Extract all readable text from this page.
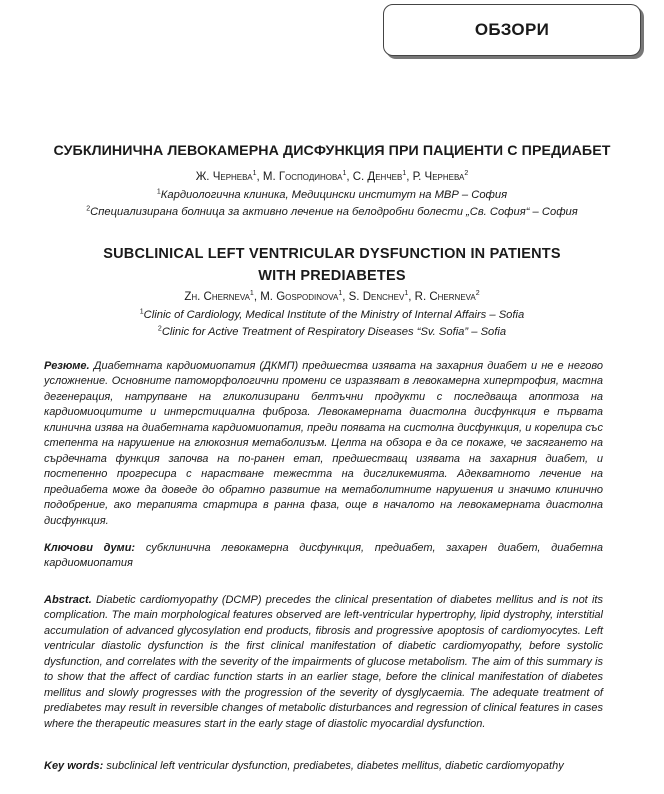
ОБЗОРИ
СУБКЛИНИЧНА ЛЕВОКАМЕРНА ДИСФУНКЦИЯ ПРИ ПАЦИЕНТИ С ПРЕДИАБЕТ
Ж. Чернева$^1$, М. Господинова$^1$, С. Денчев$^1$, Р. Чернева$^2$
$^1$Кардиологична клиника, Медицински институт на МВР – София
$^2$Специализирана болница за активно лечение на белодробни болести „Св. София“ – София
SUBCLINICAL LEFT VENTRICULAR DYSFUNCTION IN PATIENTS
WITH PREDIABETES
Zh. Cherneva$^1$, M. Gospodinova$^1$, S. Denchev$^1$, R. Cherneva$^2$
$^1$Clinic of Cardiology, Medical Institute of the Ministry of Internal Affairs – Sofia
$^2$Clinic for Active Treatment of Respiratory Diseases “Sv. Sofia” – Sofia

Резюме. Диабетната кардиомиопатия (ДКМП) предшества изявата на захарния диабет и не е негово усложнение. Основните патоморфологични промени се изразяват в левокамерна хипертрофия, мастна дегенерация, натрупване на гликолизирани белтъчни продукти с последваща апоптоза на кардиомиоцитите и интерстициална фиброза. Левокамерната диастолна дисфункция е първата клинична изява на диабетната кардиомиопатия, преди появата на систолна дисфункция, и корелира със степента на нарушение на глюкозния метаболизъм. Целта на обзора е да се покаже, че засягането на сърдечната функция започва на по-ранен етап, предшестващ изявата на захарния диабет, и постепенно прогресира с нарастване тежестта на дисгликемията. Адекватното лечение на предиабета може да доведе до обратно развитие на метаболитните нарушения и значимо клинично подобрение, ако терапията стартира в ранна фаза, още в началото на левокамерната диастолна дисфункция.

Ключови думи: субклинична левокамерна дисфункция, предиабет, захарен диабет, диабетна кардиомиопатия

Abstract. Diabetic cardiomyopathy (DCMP) precedes the clinical presentation of diabetes mellitus and is not its complication. The main morphological features observed are left-ventricular hypertrophy, lipid dystrophy, interstitial accumulation of advanced glycosylation end products, fibrosis and progressive apoptosis of cardiomyocytes. Left ventricular diastolic dysfunction is the first clinical manifestation of diabetic cardiomyopathy, before systolic dysfunction, and correlates with the severity of the impairments of glucose metabolism. The aim of this summary is to show that the affect of cardiac function starts in an earlier stage, before the clinical manifestation of diabetes mellitus and slowly progresses with the progression of the severity of dysglycaemia. The adequate treatment of prediabetes may result in reversible changes of metabolic disturbances and regression of clinical features in cases where the therapeutic measures start in the early stage of diastolic myocardial dysfunction.

Key words: subclinical left ventricular dysfunction, prediabetes, diabetes mellitus, diabetic cardiomyopathy
